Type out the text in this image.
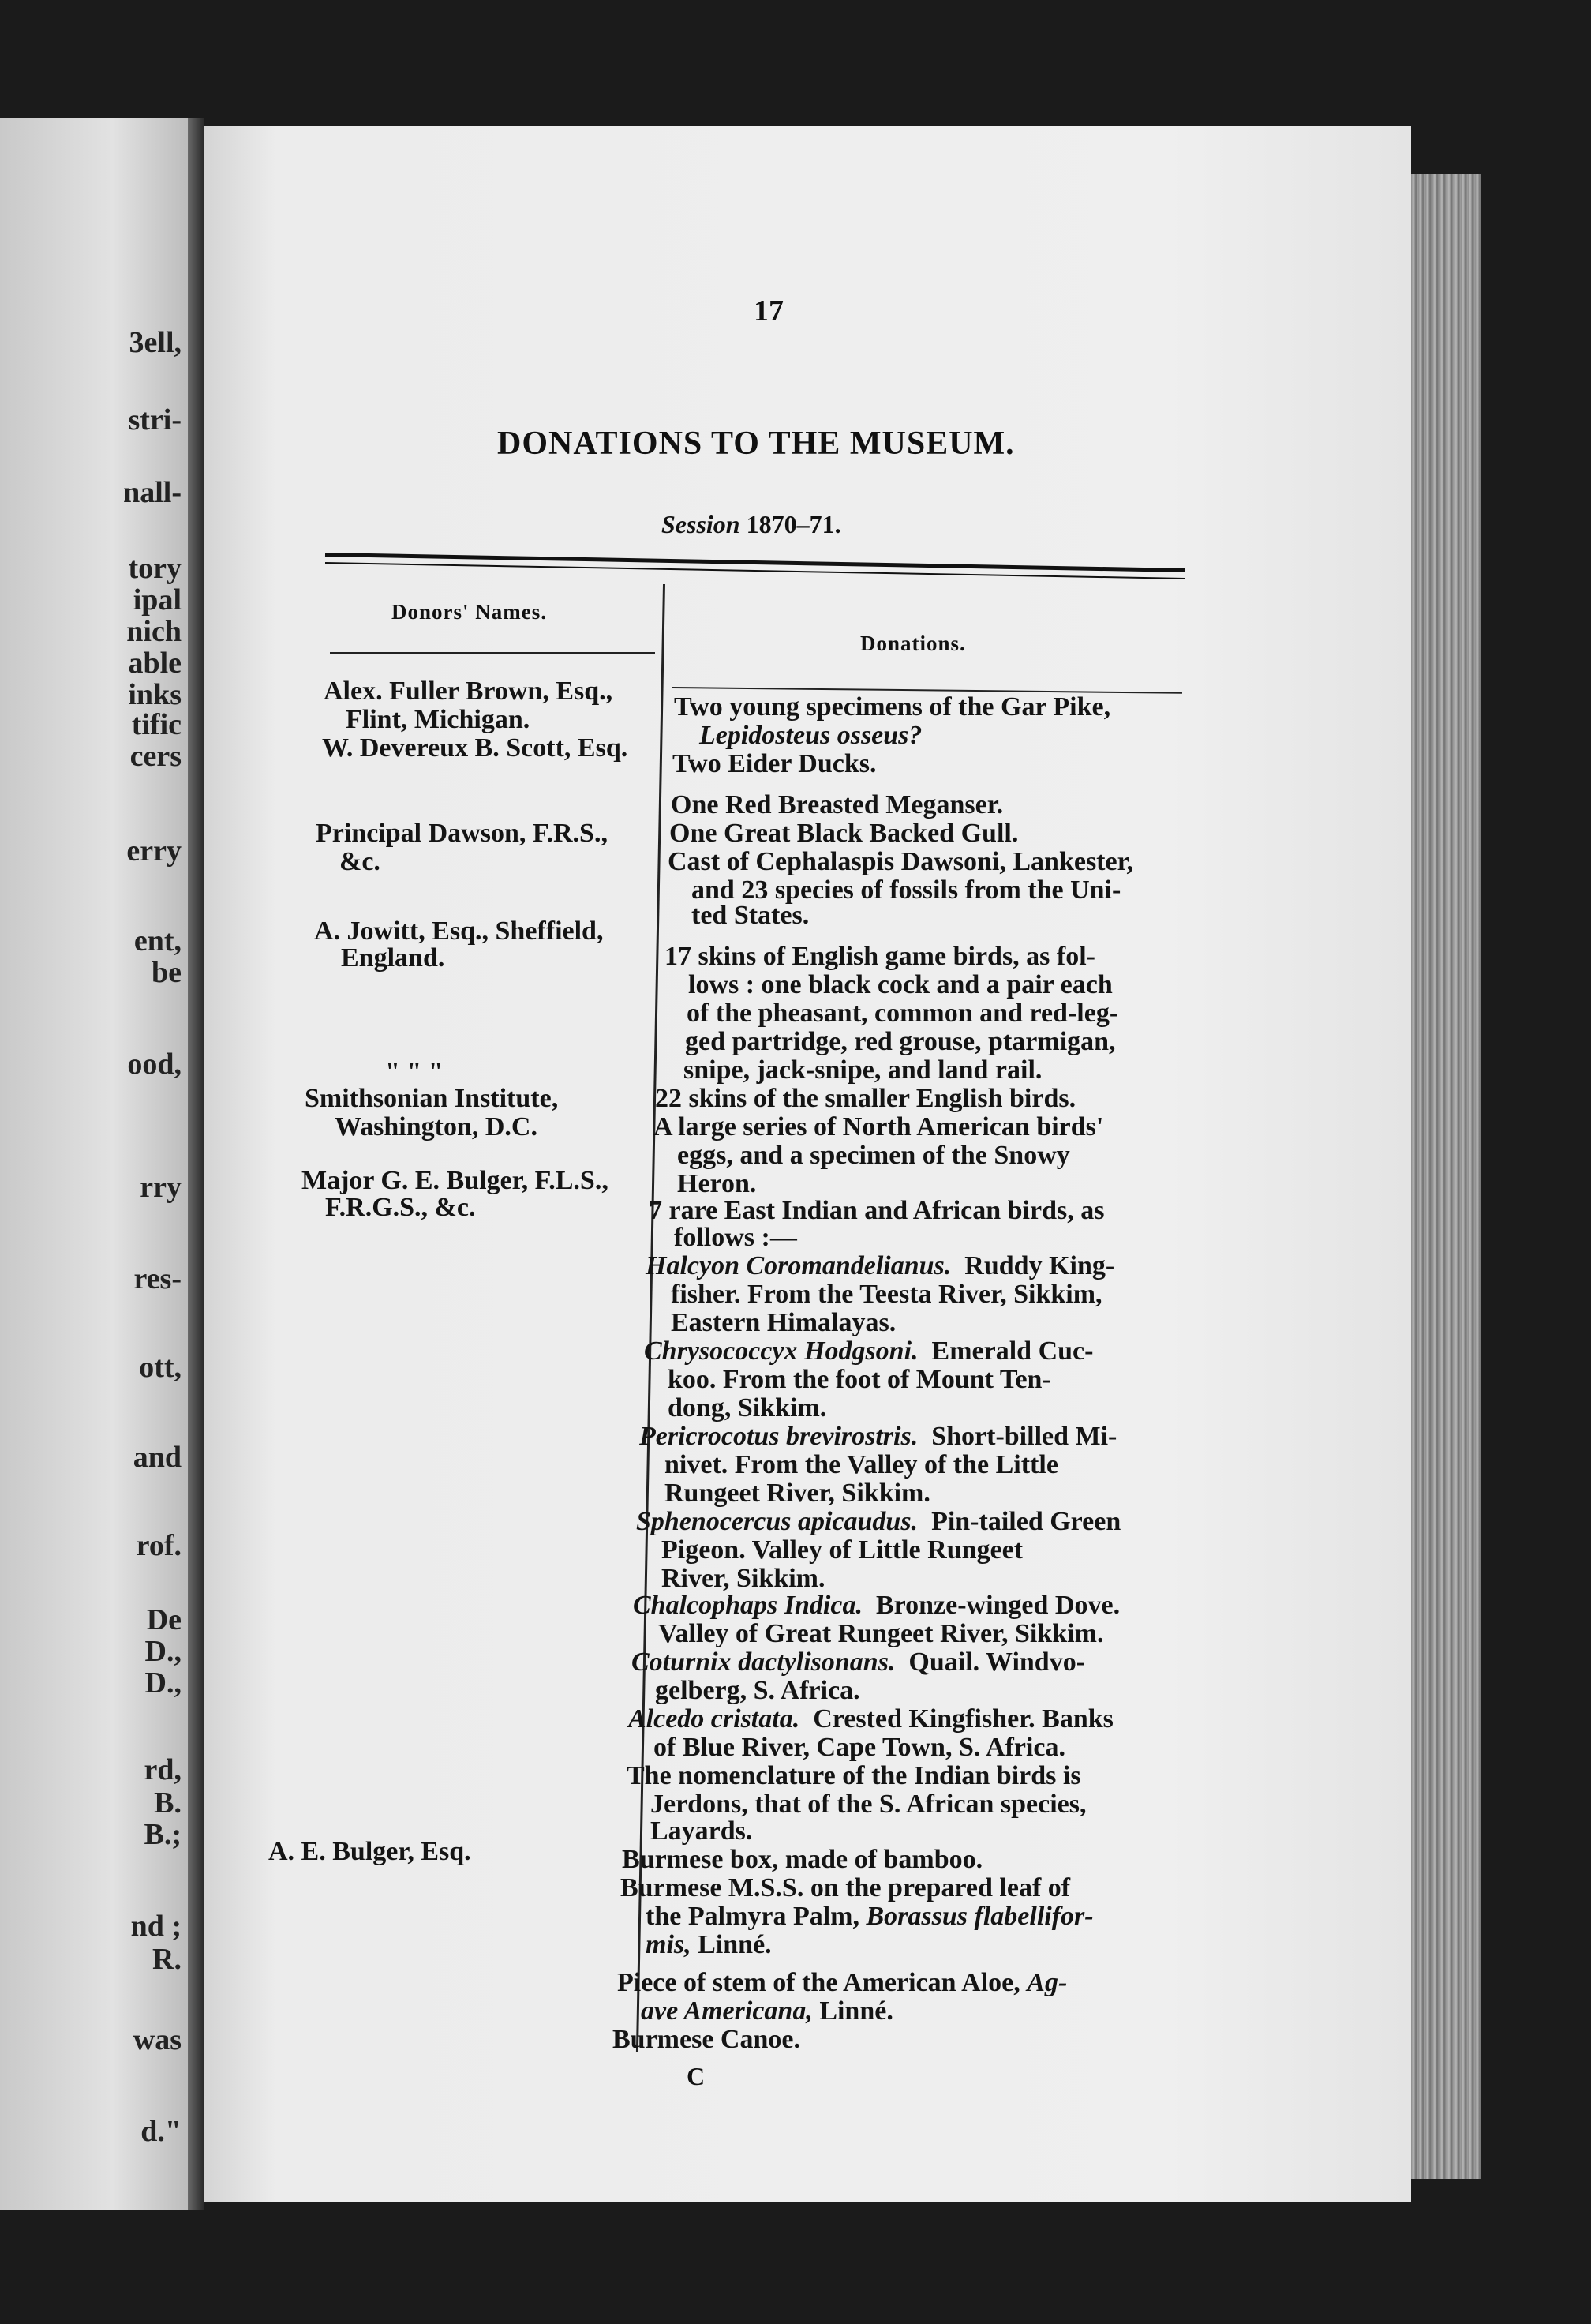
3ell,
stri-
nall-
tory
ipal
nich
able
inks
tific
cers
erry
ent,
be
ood,
rry
res-
ott,
and
rof.
De
D.,
D.,
rd,
B.
B.;
nd ;
R.
was
d."
17
DONATIONS TO THE MUSEUM.
Session 1870–71.
Donors' Names.
Donations.
Alex. Fuller Brown, Esq.,
Flint, Michigan.
W. Devereux B. Scott, Esq.
Principal Dawson, F.R.S.,
&c.
A. Jowitt, Esq., Sheffield,
England.
" " "
Smithsonian Institute,
Washington, D.C.
Major G. E. Bulger, F.L.S.,
F.R.G.S., &c.
A. E. Bulger, Esq.
Two young specimens of the Gar Pike,
Lepidosteus osseus?
Two Eider Ducks.
One Red Breasted Meganser.
One Great Black Backed Gull.
Cast of Cephalaspis Dawsoni, Lankester,
and 23 species of fossils from the Uni-
ted States.
17 skins of English game birds, as fol-
lows : one black cock and a pair each
of the pheasant, common and red-leg-
ged partridge, red grouse, ptarmigan,
snipe, jack-snipe, and land rail.
22 skins of the smaller English birds.
A large series of North American birds'
eggs, and a specimen of the Snowy
Heron.
7 rare East Indian and African birds, as
follows :—
Halcyon Coromandelianus. Ruddy King-
fisher. From the Teesta River, Sikkim,
Eastern Himalayas.
Chrysococcyx Hodgsoni. Emerald Cuc-
koo. From the foot of Mount Ten-
dong, Sikkim.
Pericrocotus brevirostris. Short-billed Mi-
nivet. From the Valley of the Little
Rungeet River, Sikkim.
Sphenocercus apicaudus. Pin-tailed Green
Pigeon. Valley of Little Rungeet
River, Sikkim.
Chalcophaps Indica. Bronze-winged Dove.
Valley of Great Rungeet River, Sikkim.
Coturnix dactylisonans. Quail. Windvo-
gelberg, S. Africa.
Alcedo cristata. Crested Kingfisher. Banks
of Blue River, Cape Town, S. Africa.
The nomenclature of the Indian birds is
Jerdons, that of the S. African species,
Layards.
Burmese box, made of bamboo.
Burmese M.S.S. on the prepared leaf of
the Palmyra Palm, Borassus flabellifor-
mis, Linné.
Piece of stem of the American Aloe, Ag-
ave Americana, Linné.
Burmese Canoe.
C
